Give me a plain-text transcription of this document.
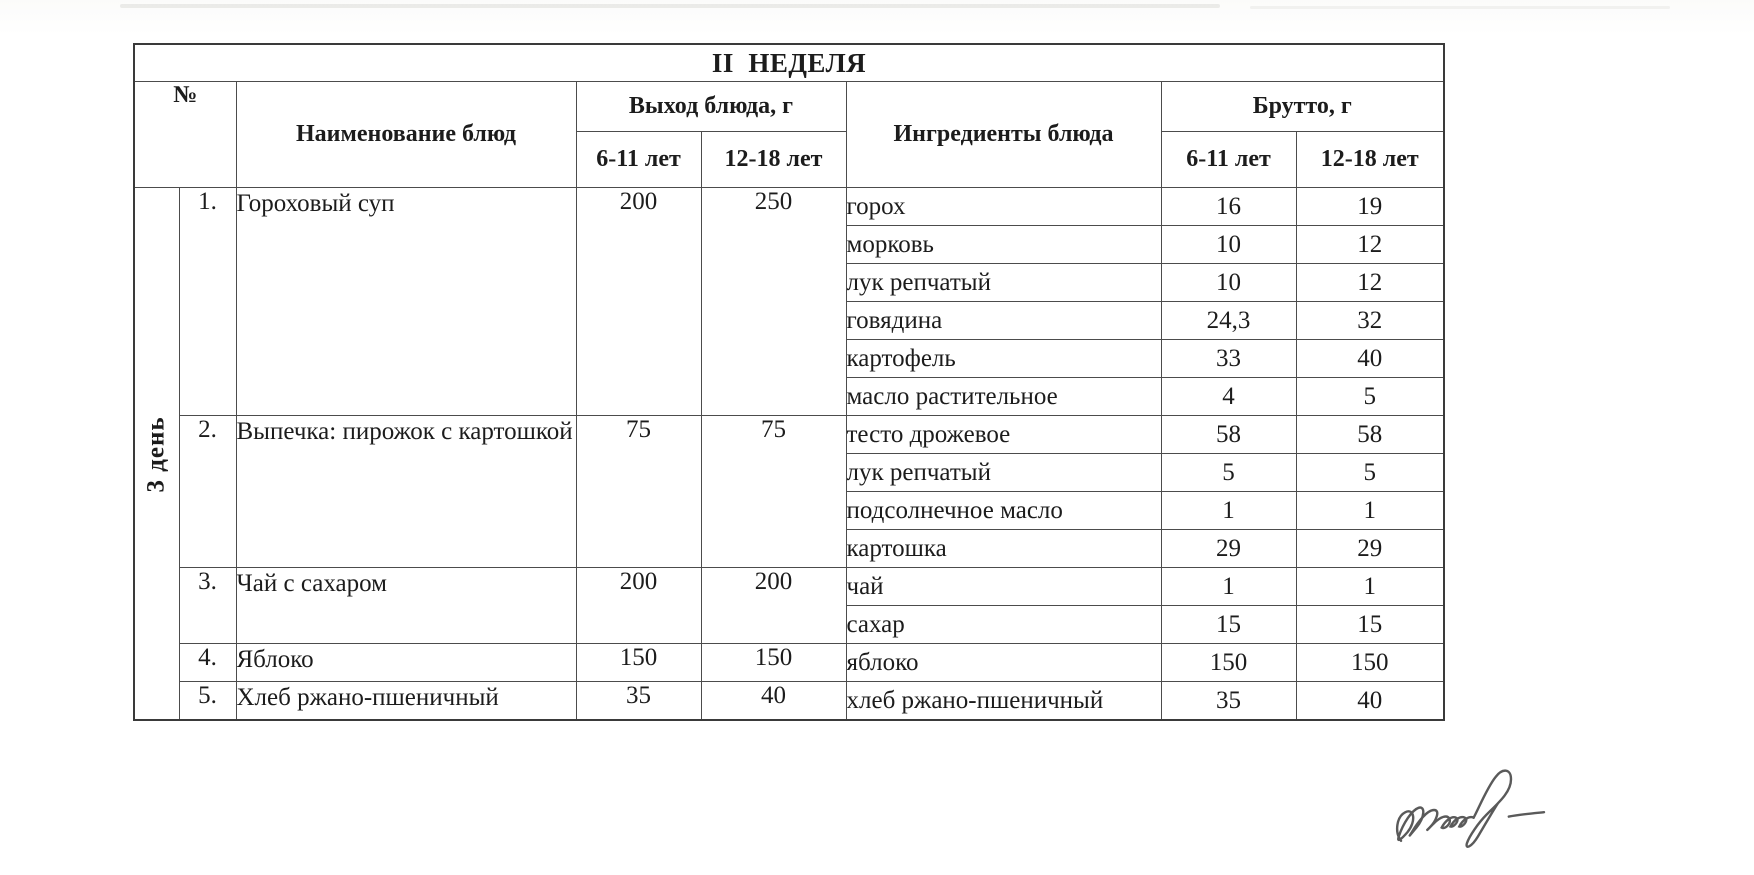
II  НЕДЕЛЯ							
№		Наименование блюд	Выход блюда, г		Ингредиенты блюда	Брутто, г	
			6-11 лет	12-18 лет		6-11 лет	12-18 лет
3 день	1.	Гороховый суп	200	250	горох	16	19
					морковь	10	12
					лук репчатый	10	12
					говядина	24,3	32
					картофель	33	40
					масло растительное	4	5
	2.	Выпечка: пирожок с картошкой	75	75	тесто дрожевое	58	58
					лук репчатый	5	5
					подсолнечное масло	1	1
					картошка	29	29
	3.	Чай с сахаром	200	200	чай	1	1
					сахар	15	15
	4.	Яблоко	150	150	яблоко	150	150
	5.	Хлеб ржано-пшеничный	35	40	хлеб ржано-пшеничный	35	40
